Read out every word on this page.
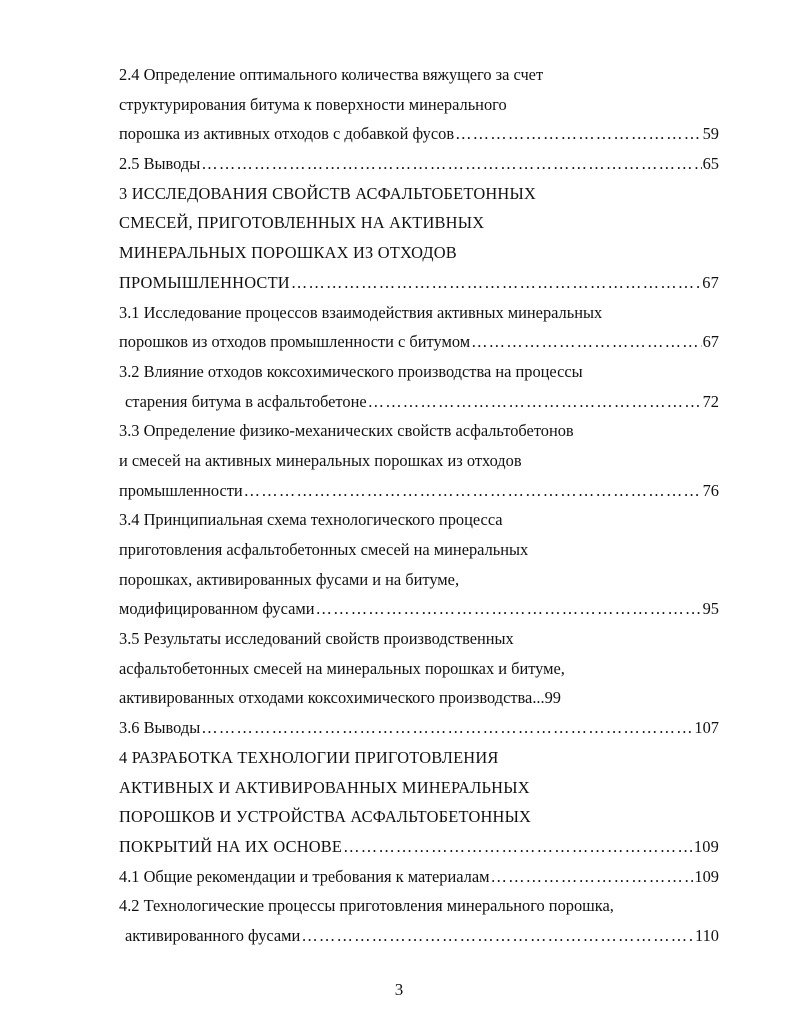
2.4 Определение оптимального количества вяжущего за счет
структурирования битума к поверхности минерального
порошка из активных отходов с добавкой фусов …………………………………………………………………………………………………………………………………………………………………………………………	59
2.5 Выводы …………………………………………………………………………………………………………………………………………………………………………………………	65
3 ИССЛЕДОВАНИЯ СВОЙСТВ АСФАЛЬТОБЕТОННЫХ
СМЕСЕЙ, ПРИГОТОВЛЕННЫХ НА АКТИВНЫХ
МИНЕРАЛЬНЫХ ПОРОШКАХ ИЗ ОТХОДОВ
ПРОМЫШЛЕННОСТИ …………………………………………………………………………………………………………………………………………………………………………………………	67
3.1 Исследование процессов взаимодействия активных минеральных
порошков из отходов промышленности с битумом …………………………………………………………………………………………………………………………………………………………………………………………	67
3.2 Влияние отходов коксохимического производства на процессы
старения битума в асфальтобетоне …………………………………………………………………………………………………………………………………………………………………………………………	72
3.3 Определение физико-механических свойств асфальтобетонов
и смесей на активных минеральных порошках из отходов
промышленности …………………………………………………………………………………………………………………………………………………………………………………………	76
3.4 Принципиальная схема технологического процесса
приготовления асфальтобетонных смесей на минеральных
порошках, активированных фусами и на битуме,
модифицированном фусами …………………………………………………………………………………………………………………………………………………………………………………………	95
3.5 Результаты исследований свойств производственных
асфальтобетонных смесей на минеральных порошках и битуме,
активированных отходами коксохимического производства...99
3.6 Выводы …………………………………………………………………………………………………………………………………………………………………………………………	107
4 РАЗРАБОТКА ТЕХНОЛОГИИ ПРИГОТОВЛЕНИЯ
АКТИВНЫХ И АКТИВИРОВАННЫХ МИНЕРАЛЬНЫХ
ПОРОШКОВ И УСТРОЙСТВА АСФАЛЬТОБЕТОННЫХ
ПОКРЫТИЙ НА ИХ ОСНОВЕ …………………………………………………………………………………………………………………………………………………………………………………………	109
4.1 Общие рекомендации и требования к материалам …………………………………………………………………………………………………………………………………………………………………………………………	109
4.2 Технологические процессы приготовления минерального порошка,
активированного фусами …………………………………………………………………………………………………………………………………………………………………………………………	110
3
